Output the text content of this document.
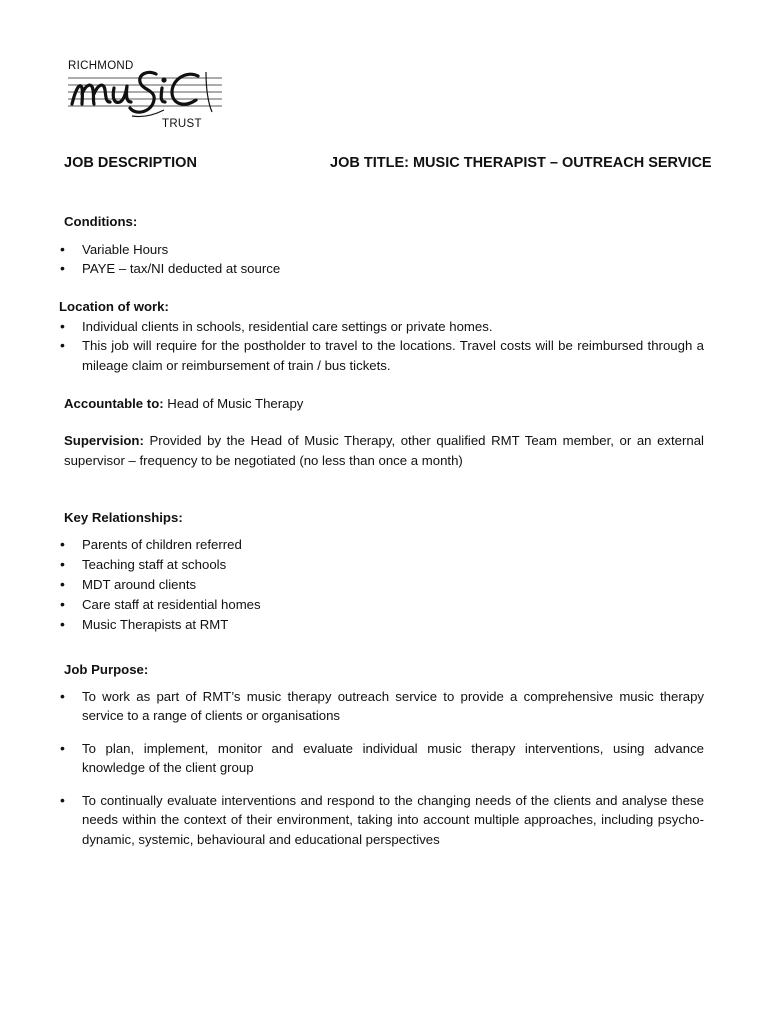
RICHMOND
TRUST
JOB DESCRIPTION	JOB TITLE: MUSIC THERAPIST – OUTREACH SERVICE
Conditions:
• Variable Hours
• PAYE – tax/NI deducted at source
Location of work:
• Individual clients in schools, residential care settings or private homes.
• This job will require for the postholder to travel to the locations. Travel costs will be reimbursed through a mileage claim or reimbursement of train / bus tickets.
Accountable to: Head of Music Therapy
Supervision: Provided by the Head of Music Therapy, other qualified RMT Team member, or an external supervisor – frequency to be negotiated (no less than once a month)
Key Relationships:
• Parents of children referred
• Teaching staff at schools
• MDT around clients
• Care staff at residential homes
• Music Therapists at RMT
Job Purpose:
• To work as part of RMT’s music therapy outreach service to provide a comprehensive music therapy service to a range of clients or organisations
• To plan, implement, monitor and evaluate individual music therapy interventions, using advance knowledge of the client group
• To continually evaluate interventions and respond to the changing needs of the clients and analyse these needs within the context of their environment, taking into account multiple approaches, including psycho-dynamic, systemic, behavioural and educational perspectives
